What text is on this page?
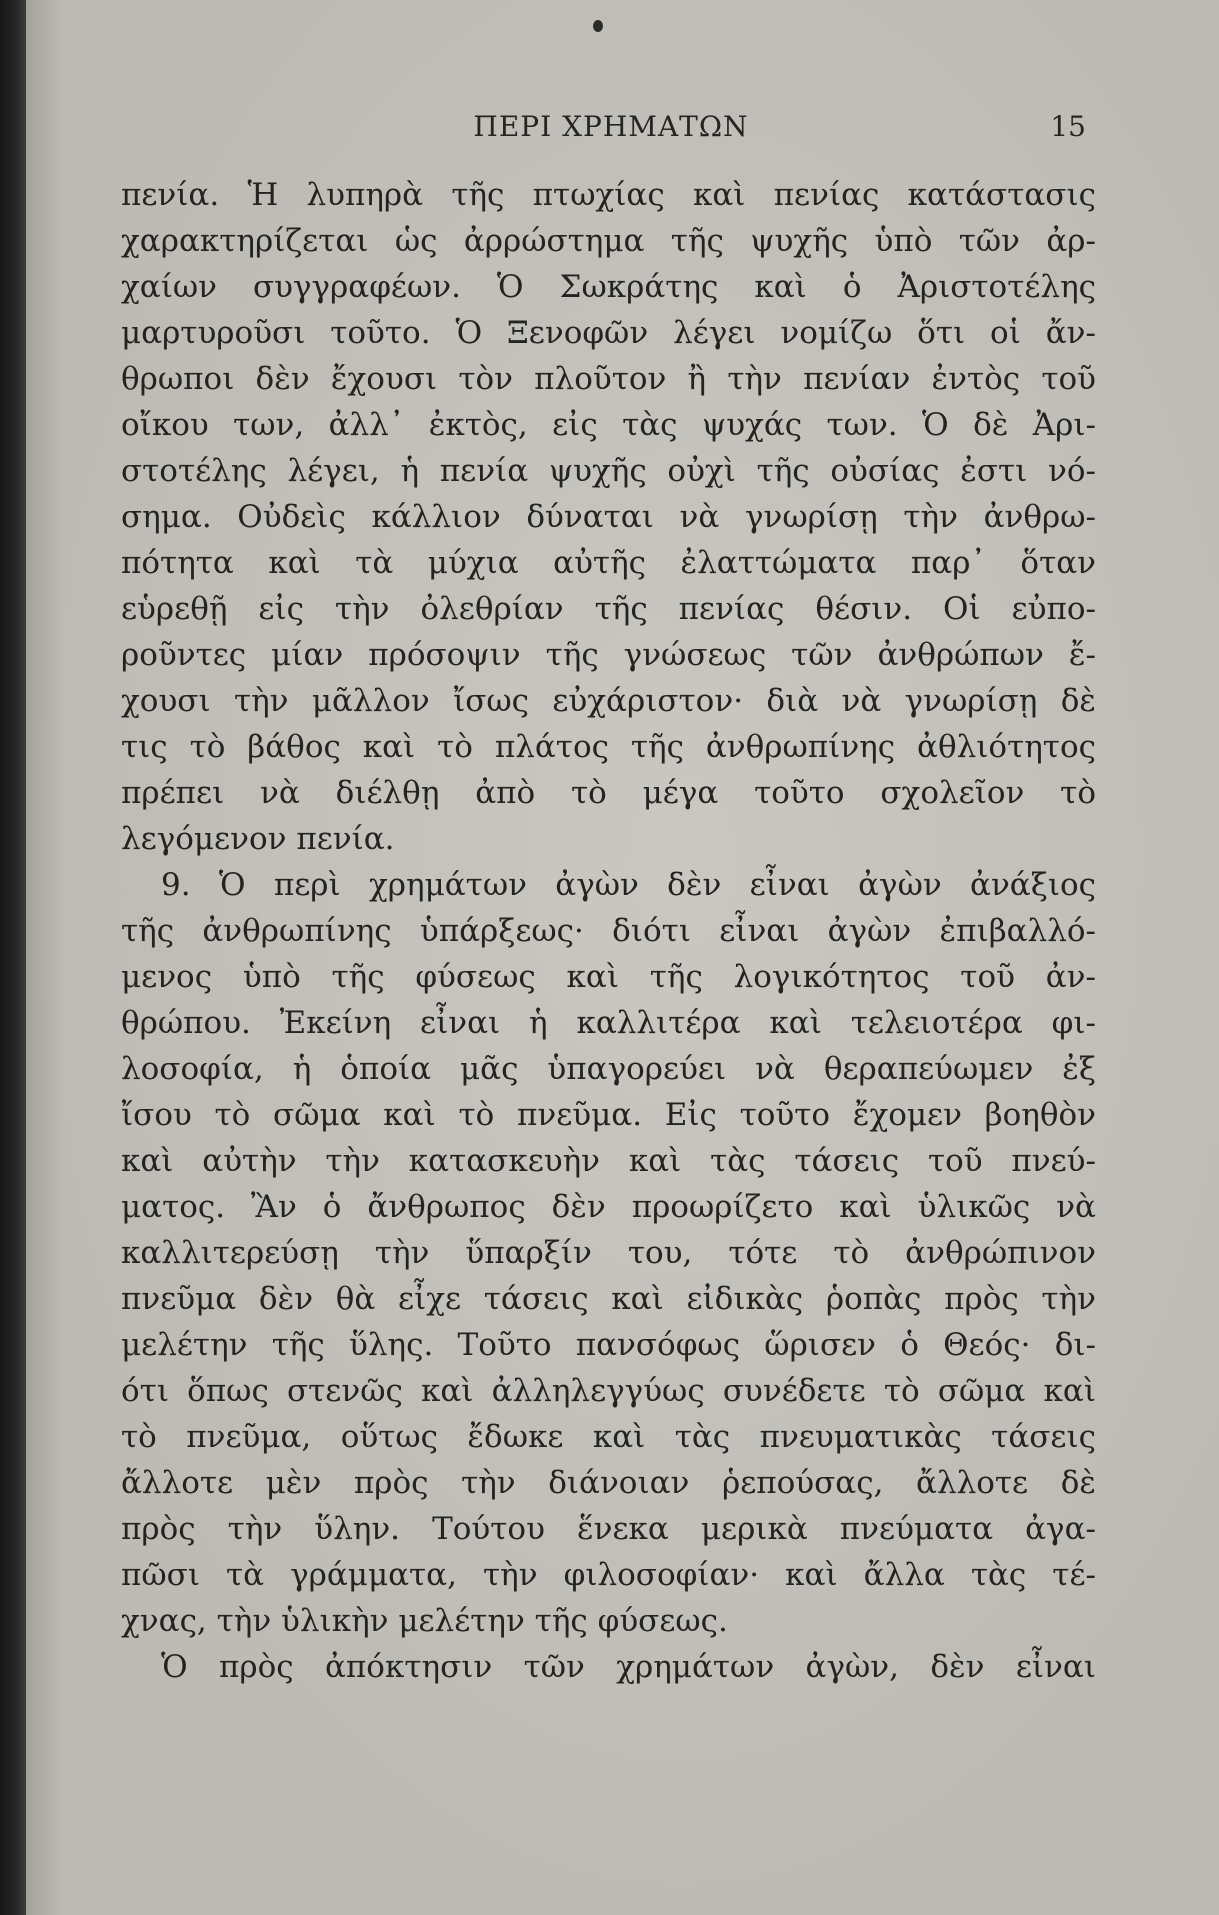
ΠΕΡΙ ΧΡΗΜΑΤΩΝ	15
πενία. Ἡ λυπηρὰ τῆς πτωχίας καὶ πενίας κατάστασις
χαρακτηρίζεται ὡς ἀρρώστημα τῆς ψυχῆς ὑπὸ τῶν ἀρ-
χαίων συγγραφέων. Ὁ Σωκράτης καὶ ὁ Ἀριστοτέλης
μαρτυροῦσι τοῦτο. Ὁ Ξενοφῶν λέγει νομίζω ὅτι οἱ ἄν-
θρωποι δὲν ἔχουσι τὸν πλοῦτον ἢ τὴν πενίαν ἐντὸς τοῦ
οἴκου των, ἀλλ᾽ ἐκτὸς, εἰς τὰς ψυχάς των. Ὁ δὲ Ἀρι-
στοτέλης λέγει, ἡ πενία ψυχῆς οὐχὶ τῆς οὐσίας ἐστι νό-
σημα. Οὐδεὶς κάλλιον δύναται νὰ γνωρίσῃ τὴν ἀνθρω-
πότητα καὶ τὰ μύχια αὐτῆς ἐλαττώματα παρ᾽ ὅταν
εὑρεθῇ εἰς τὴν ὀλεθρίαν τῆς πενίας θέσιν. Οἱ εὐπο-
ροῦντες μίαν πρόσοψιν τῆς γνώσεως τῶν ἀνθρώπων ἔ-
χουσι τὴν μᾶλλον ἴσως εὐχάριστον· διὰ νὰ γνωρίσῃ δὲ
τις τὸ βάθος καὶ τὸ πλάτος τῆς ἀνθρωπίνης ἀθλιότητος
πρέπει νὰ διέλθῃ ἀπὸ τὸ μέγα τοῦτο σχολεῖον τὸ
λεγόμενον πενία.
9. Ὁ περὶ χρημάτων ἀγὼν δὲν εἶναι ἀγὼν ἀνάξιος
τῆς ἀνθρωπίνης ὑπάρξεως· διότι εἶναι ἀγὼν ἐπιβαλλό-
μενος ὑπὸ τῆς φύσεως καὶ τῆς λογικότητος τοῦ ἀν-
θρώπου. Ἐκείνη εἶναι ἡ καλλιτέρα καὶ τελειοτέρα φι-
λοσοφία, ἡ ὁποία μᾶς ὑπαγορεύει νὰ θεραπεύωμεν ἐξ
ἴσου τὸ σῶμα καὶ τὸ πνεῦμα. Εἰς τοῦτο ἔχομεν βοηθὸν
καὶ αὐτὴν τὴν κατασκευὴν καὶ τὰς τάσεις τοῦ πνεύ-
ματος. Ἂν ὁ ἄνθρωπος δὲν προωρίζετο καὶ ὑλικῶς νὰ
καλλιτερεύσῃ τὴν ὕπαρξίν του, τότε τὸ ἀνθρώπινον
πνεῦμα δὲν θὰ εἶχε τάσεις καὶ εἰδικὰς ῥοπὰς πρὸς τὴν
μελέτην τῆς ὕλης. Τοῦτο πανσόφως ὥρισεν ὁ Θεός· δι-
ότι ὅπως στενῶς καὶ ἀλληλεγγύως συνέδετε τὸ σῶμα καὶ
τὸ πνεῦμα, οὕτως ἔδωκε καὶ τὰς πνευματικὰς τάσεις
ἄλλοτε μὲν πρὸς τὴν διάνοιαν ῥεπούσας, ἄλλοτε δὲ
πρὸς τὴν ὕλην. Τούτου ἕνεκα μερικὰ πνεύματα ἀγα-
πῶσι τὰ γράμματα, τὴν φιλοσοφίαν· καὶ ἄλλα τὰς τέ-
χνας, τὴν ὑλικὴν μελέτην τῆς φύσεως.
Ὁ πρὸς ἀπόκτησιν τῶν χρημάτων ἀγὼν, δὲν εἶναι
